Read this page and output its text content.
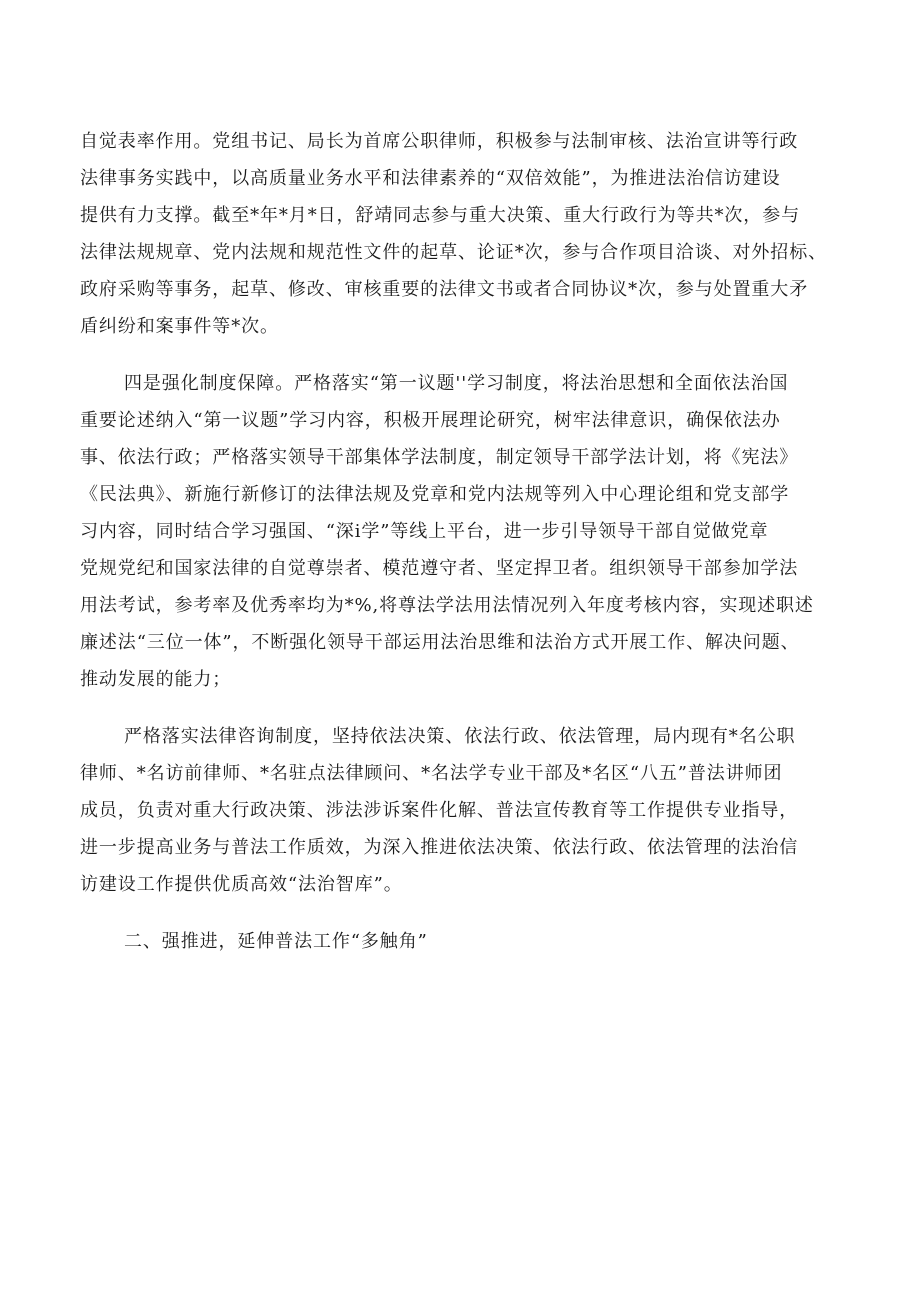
自觉表率作用。党组书记、局长为首席公职律师，积极参与法制审核、法治宣讲等行政
法律事务实践中，以高质量业务水平和法律素养的“双倍效能”，为推进法治信访建设
提供有力支撑。截至*年*月*日，舒靖同志参与重大决策、重大行政行为等共*次，参与
法律法规规章、党内法规和规范性文件的起草、论证*次，参与合作项目洽谈、对外招标、
政府采购等事务，起草、修改、审核重要的法律文书或者合同协议*次，参与处置重大矛
盾纠纷和案事件等*次。
四是强化制度保障。严格落实“第一议题''学习制度，将法治思想和全面依法治国
重要论述纳入“第一议题”学习内容，积极开展理论研究，树牢法律意识，确保依法办
事、依法行政；严格落实领导干部集体学法制度，制定领导干部学法计划，将《宪法》
《民法典》、新施行新修订的法律法规及党章和党内法规等列入中心理论组和党支部学
习内容，同时结合学习强国、“深i学”等线上平台，进一步引导领导干部自觉做党章
党规党纪和国家法律的自觉尊崇者、模范遵守者、坚定捍卫者。组织领导干部参加学法
用法考试，参考率及优秀率均为*%,将尊法学法用法情况列入年度考核内容，实现述职述
廉述法“三位一体”，不断强化领导干部运用法治思维和法治方式开展工作、解决问题、
推动发展的能力；
严格落实法律咨询制度，坚持依法决策、依法行政、依法管理，局内现有*名公职
律师、*名访前律师、*名驻点法律顾问、*名法学专业干部及*名区“八五”普法讲师团
成员，负责对重大行政决策、涉法涉诉案件化解、普法宣传教育等工作提供专业指导，
进一步提高业务与普法工作质效，为深入推进依法决策、依法行政、依法管理的法治信
访建设工作提供优质高效“法治智库”。
二、强推进，延伸普法工作“多触角”
